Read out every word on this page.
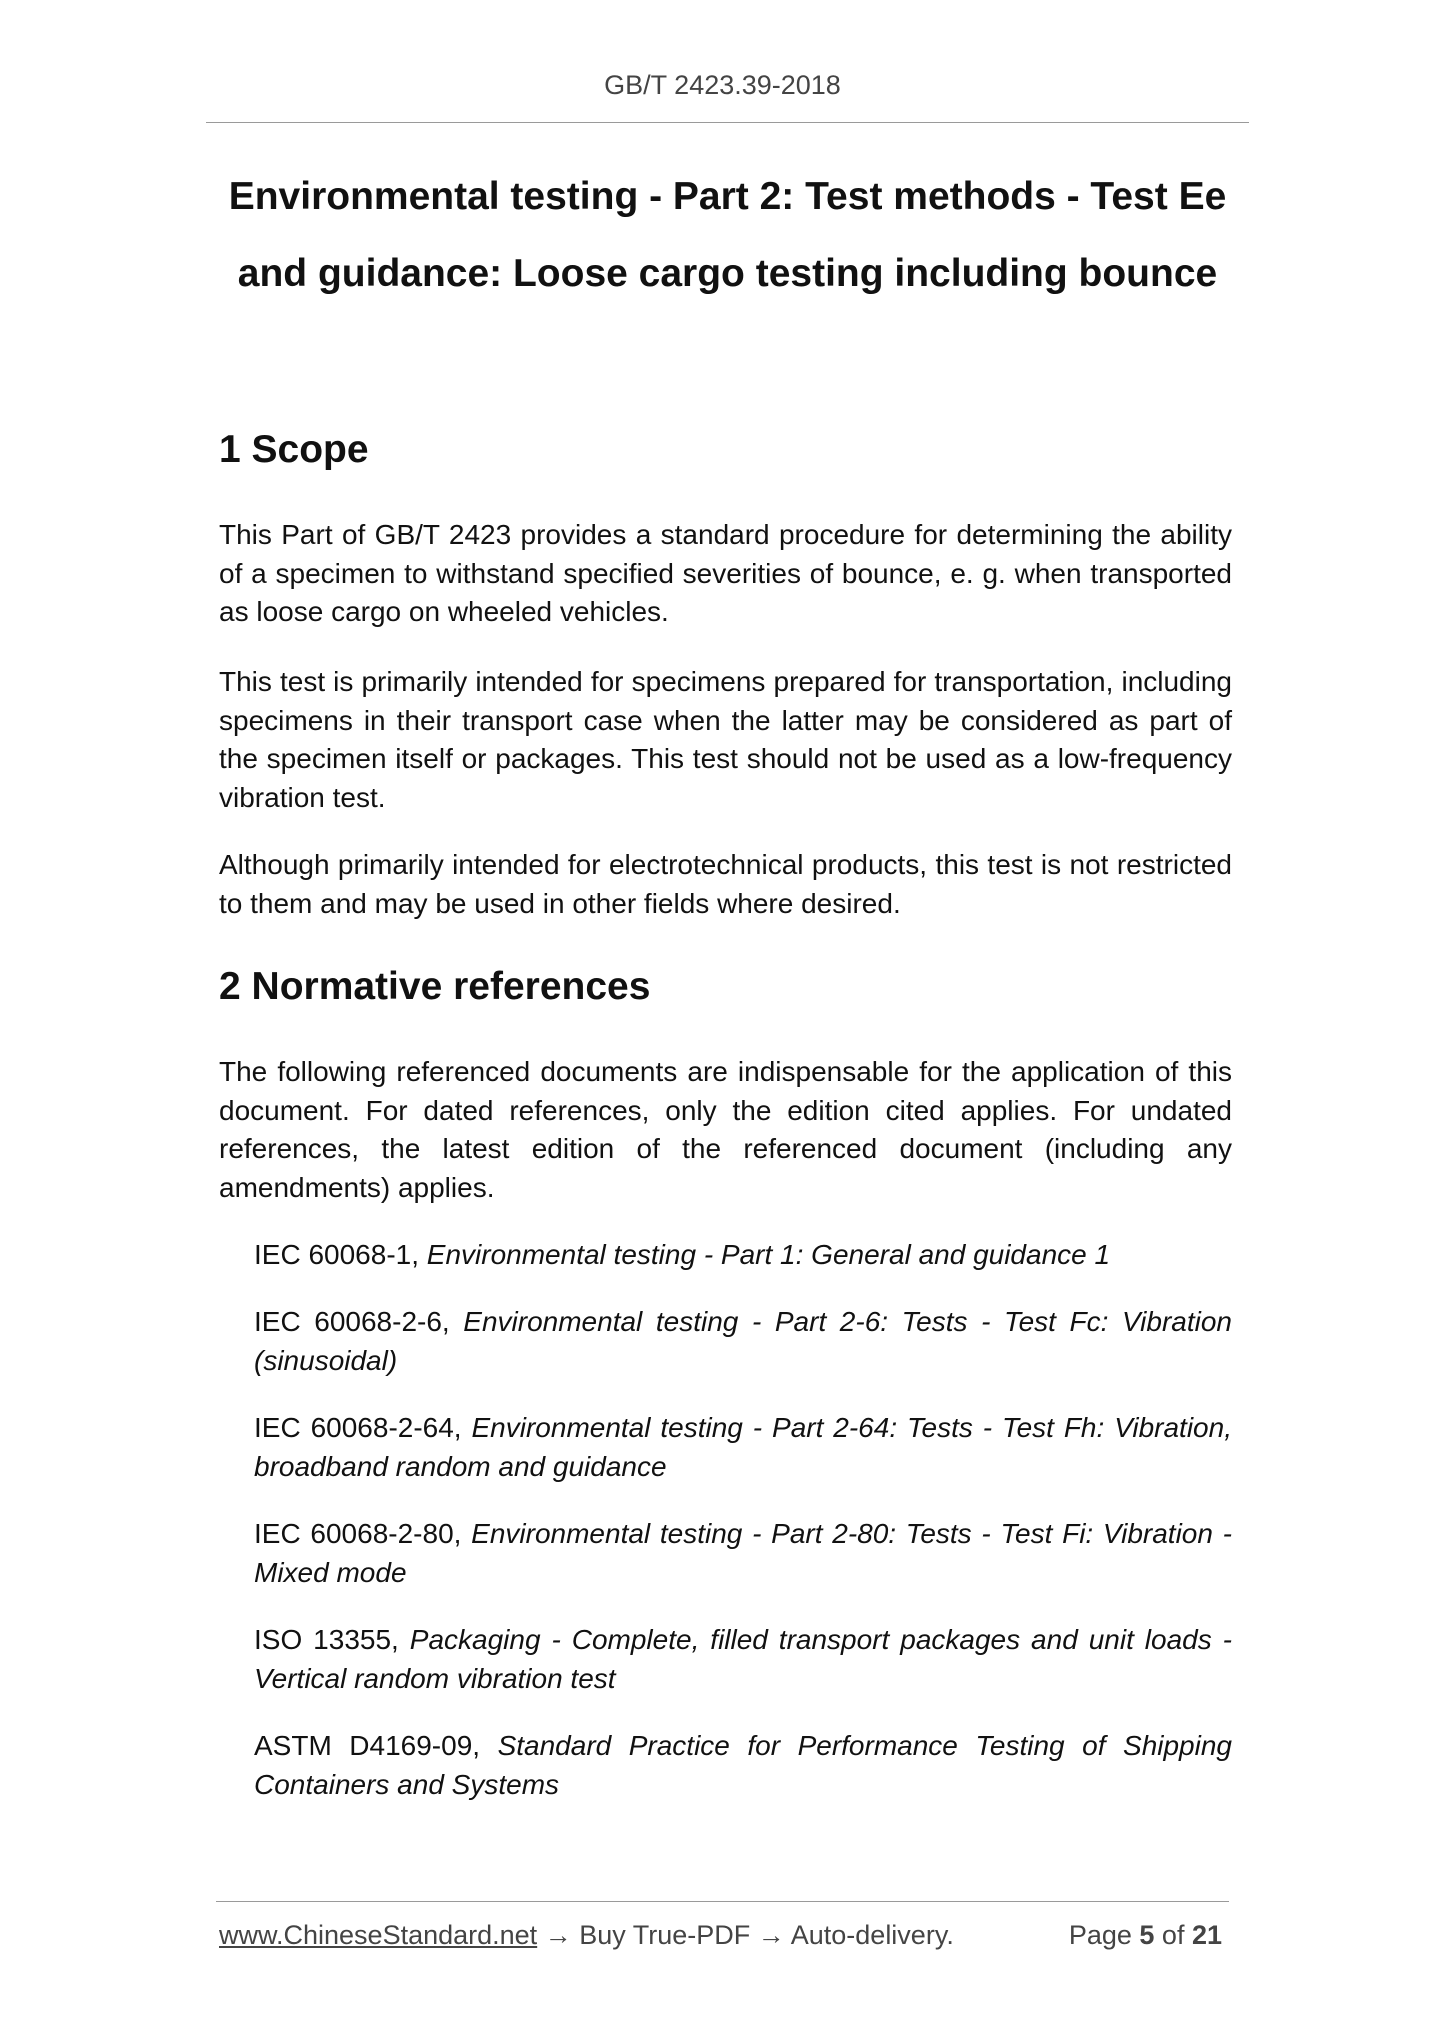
GB/T 2423.39-2018
Environmental testing - Part 2: Test methods - Test Ee
and guidance: Loose cargo testing including bounce
1 Scope

This Part of GB/T 2423 provides a standard procedure for determining the ability of a specimen to withstand specified severities of bounce, e. g. when transported as loose cargo on wheeled vehicles.

This test is primarily intended for specimens prepared for transportation, including specimens in their transport case when the latter may be considered as part of the specimen itself or packages. This test should not be used as a low-frequency vibration test.

Although primarily intended for electrotechnical products, this test is not restricted to them and may be used in other fields where desired.

2 Normative references

The following referenced documents are indispensable for the application of this document. For dated references, only the edition cited applies. For undated references, the latest edition of the referenced document (including any amendments) applies.

IEC 60068-1, Environmental testing - Part 1: General and guidance 1

IEC 60068-2-6, Environmental testing - Part 2-6: Tests - Test Fc: Vibration (sinusoidal)

IEC 60068-2-64, Environmental testing - Part 2-64: Tests - Test Fh: Vibration, broadband random and guidance

IEC 60068-2-80, Environmental testing - Part 2-80: Tests - Test Fi: Vibration - Mixed mode

ISO 13355, Packaging - Complete, filled transport packages and unit loads - Vertical random vibration test

ASTM D4169-09, Standard Practice for Performance Testing of Shipping Containers and Systems

www.ChineseStandard.net → Buy True-PDF → Auto-delivery.	Page 5 of 21
